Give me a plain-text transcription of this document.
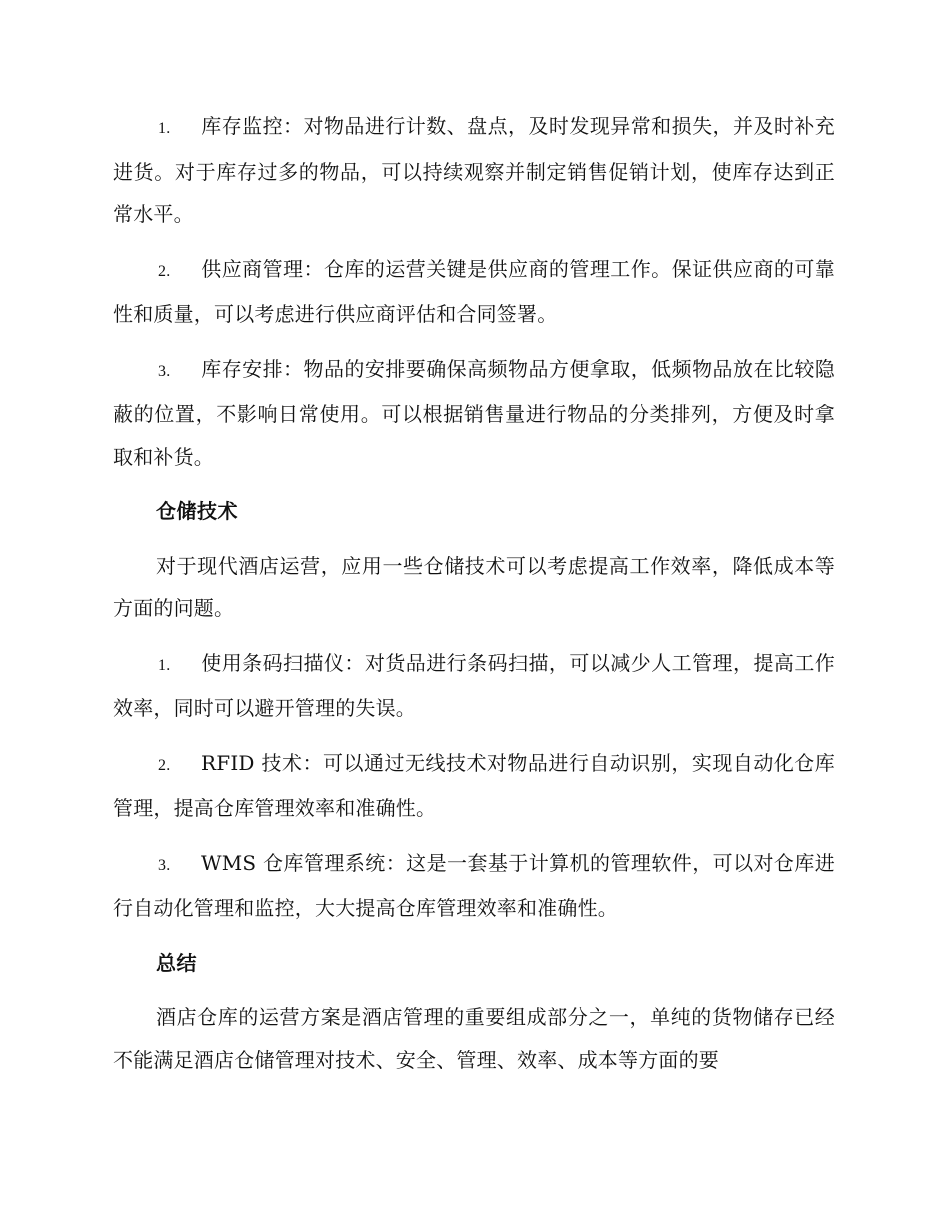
1. 库存监控：对物品进行计数、盘点，及时发现异常和损失，并及时补充进货。对于库存过多的物品，可以持续观察并制定销售促销计划，使库存达到正常水平。

2. 供应商管理：仓库的运营关键是供应商的管理工作。保证供应商的可靠性和质量，可以考虑进行供应商评估和合同签署。

3. 库存安排：物品的安排要确保高频物品方便拿取，低频物品放在比较隐蔽的位置，不影响日常使用。可以根据销售量进行物品的分类排列，方便及时拿取和补货。

仓储技术

对于现代酒店运营，应用一些仓储技术可以考虑提高工作效率，降低成本等方面的问题。

1. 使用条码扫描仪：对货品进行条码扫描，可以减少人工管理，提高工作效率，同时可以避开管理的失误。

2. RFID 技术：可以通过无线技术对物品进行自动识别，实现自动化仓库管理，提高仓库管理效率和准确性。

3. WMS 仓库管理系统：这是一套基于计算机的管理软件，可以对仓库进行自动化管理和监控，大大提高仓库管理效率和准确性。

总结

酒店仓库的运营方案是酒店管理的重要组成部分之一，单纯的货物储存已经不能满足酒店仓储管理对技术、安全、管理、效率、成本等方面的要
